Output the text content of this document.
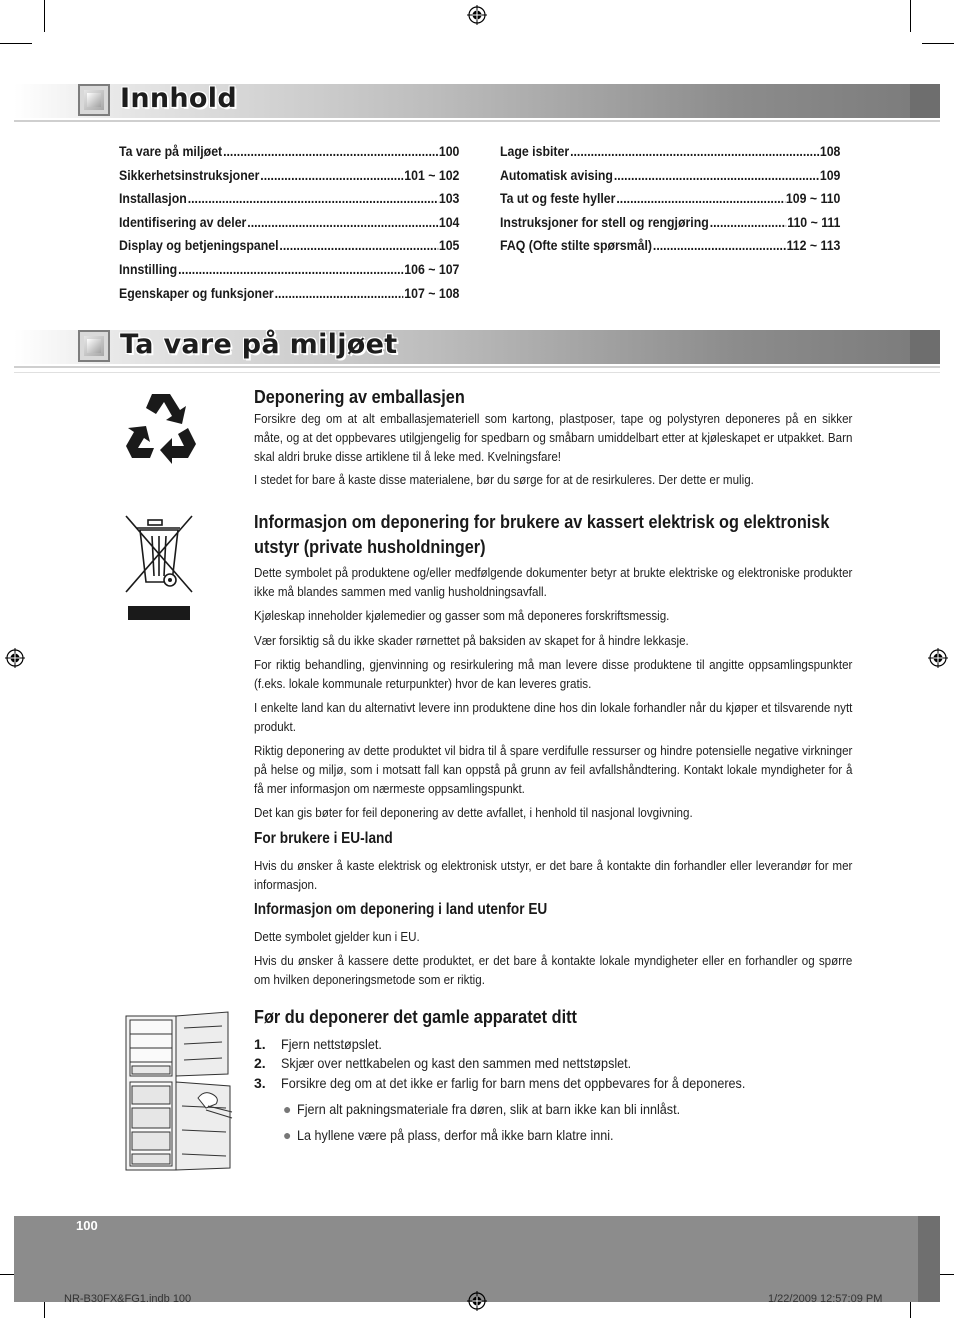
Innhold
Ta vare på miljøet .....	100
Sikkerhetsinstruksjoner .....	101 ~ 102
Installasjon .....	103
Identifisering av deler .....	104
Display og betjeningspanel .....	105
Innstilling .....	106 ~ 107
Egenskaper og funksjoner .....	107 ~ 108
Lage isbiter .....	108
Automatisk avising .....	109
Ta ut og feste hyller .....	109 ~ 110
Instruksjoner for stell og rengjøring .....	110 ~ 111
FAQ (Ofte stilte spørsmål) .....	112 ~ 113
Ta vare på miljøet
Deponering av emballasjen
Forsikre deg om at alt emballasjemateriell som kartong, plastposer, tape og polystyren deponeres på en sikker måte, og at det oppbevares utilgjengelig for spedbarn og småbarn umiddelbart etter at kjøleskapet er utpakket. Barn skal aldri bruke disse artiklene til å leke med. Kvelningsfare!
I stedet for bare å kaste disse materialene, bør du sørge for at de resirkuleres. Der dette er mulig.
Informasjon om deponering for brukere av kassert elektrisk og elektronisk
utstyr (private husholdninger)
Dette symbolet på produktene og/eller medfølgende dokumenter betyr at brukte elektriske og elektroniske produkter ikke må blandes sammen med vanlig husholdningsavfall.
Kjøleskap inneholder kjølemedier og gasser som må deponeres forskriftsmessig.
Vær forsiktig så du ikke skader rørnettet på baksiden av skapet for å hindre lekkasje.
For riktig behandling, gjenvinning og resirkulering må man levere disse produktene til angitte oppsamlingspunkter (f.eks. lokale kommunale returpunkter) hvor de kan leveres gratis.
I enkelte land kan du alternativt levere inn produktene dine hos din lokale forhandler når du kjøper et tilsvarende nytt produkt.
Riktig deponering av dette produktet vil bidra til å spare verdifulle ressurser og hindre potensielle negative virkninger på helse og miljø, som i motsatt fall kan oppstå på grunn av feil avfallshåndtering. Kontakt lokale myndigheter for å få mer informasjon om nærmeste oppsamlingspunkt.
Det kan gis bøter for feil deponering av dette avfallet, i henhold til nasjonal lovgivning.
For brukere i EU-land
Hvis du ønsker å kaste elektrisk og elektronisk utstyr, er det bare å kontakte din forhandler eller leverandør for mer informasjon.
Informasjon om deponering i land utenfor EU
Dette symbolet gjelder kun i EU.
Hvis du ønsker å kassere dette produktet, er det bare å kontakte lokale myndigheter eller en forhandler og spørre om hvilken deponeringsmetode som er riktig.
Før du deponerer det gamle apparatet ditt
1. Fjern nettstøpslet.
2. Skjær over nettkabelen og kast den sammen med nettstøpslet.
3. Forsikre deg om at det ikke er farlig for barn mens det oppbevares for å deponeres.
● Fjern alt pakningsmateriale fra døren, slik at barn ikke kan bli innlåst.
● La hyllene være på plass, derfor må ikke barn klatre inni.
100
NR-B30FX&FG1.indb 100	1/22/2009 12:57:09 PM
